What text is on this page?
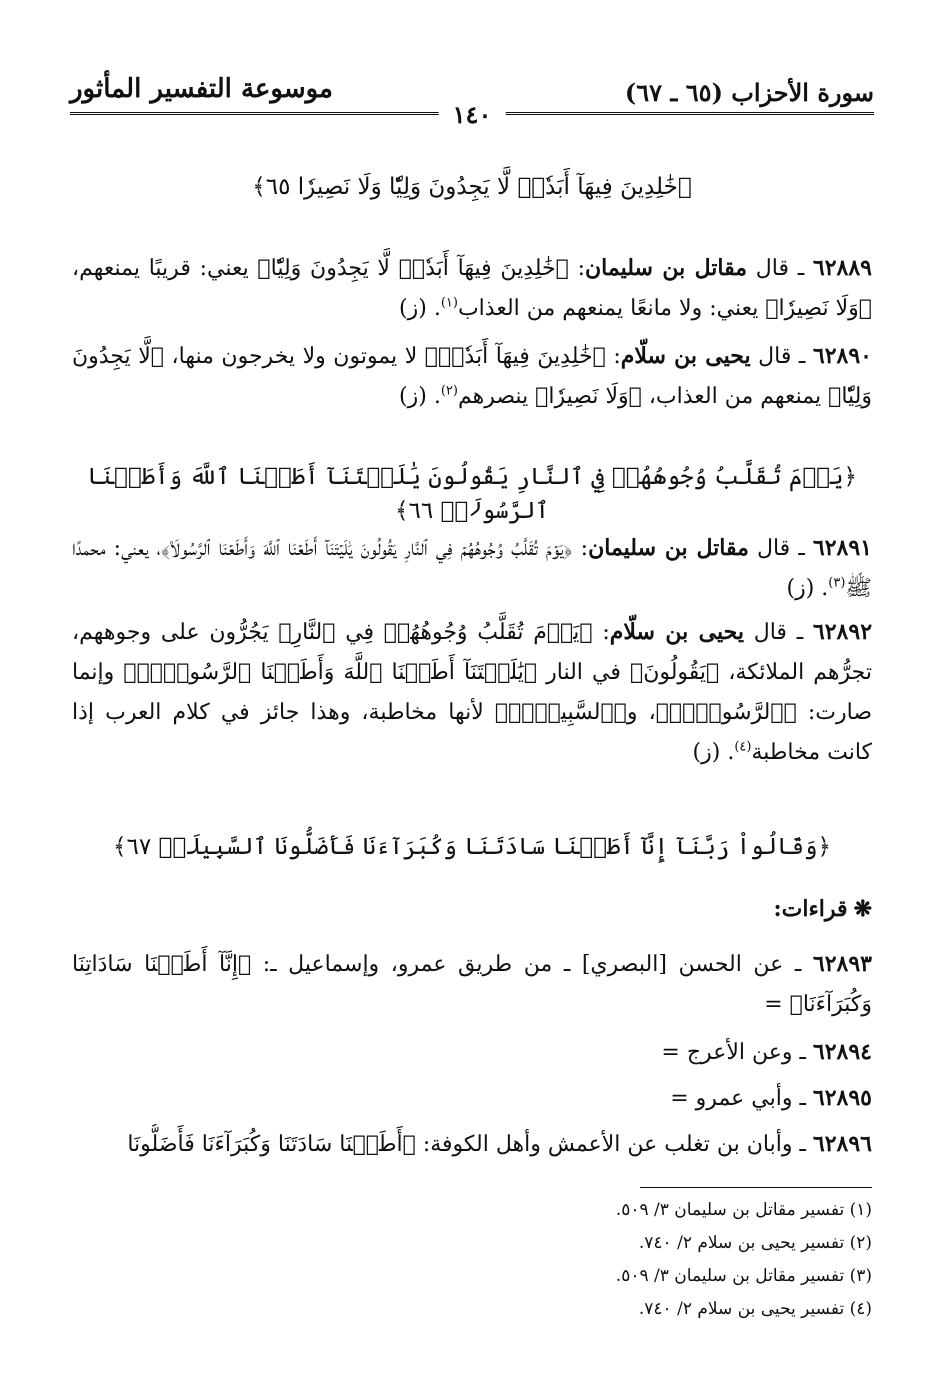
سورة الأحزاب (٦٥ ـ ٦٧)
١٤٠
موسوعة التفسير المأثور
﴿خَٰلِدِينَ فِيهَآ أَبَدٗاۖ لَّا يَجِدُونَ وَلِيّٗا وَلَا نَصِيرٗا ٦٥﴾
٦٢٨٨٩ ـ قال مقاتل بن سليمان: ﴿خَٰلِدِينَ فِيهَآ أَبَدٗاۖ لَّا يَجِدُونَ وَلِيّٗا﴾ يعني: قريبًا يمنعهم، ﴿وَلَا نَصِيرٗا﴾ يعني: ولا مانعًا يمنعهم من العذاب$^{(١)}$. (ز)
٦٢٨٩٠ ـ قال يحيى بن سلّام: ﴿خَٰلِدِينَ فِيهَآ أَبَدٗاۖ﴾ لا يموتون ولا يخرجون منها، ﴿لَّا يَجِدُونَ وَلِيّٗا﴾ يمنعهم من العذاب، ﴿وَلَا نَصِيرٗا﴾ ينصرهم$^{(٢)}$. (ز)
﴿يَوۡمَ تُقَلَّبُ وُجُوهُهُمۡ فِي ٱلنَّارِ يَقُولُونَ يَٰلَيۡتَنَآ أَطَعۡنَا ٱللَّهَ وَأَطَعۡنَا ٱلرَّسُولَا۠ ٦٦﴾
٦٢٨٩١ ـ قال مقاتل بن سليمان: ﴿يَوۡمَ تُقَلَّبُ وُجُوهُهُمۡ فِي ٱلنَّارِ يَقُولُونَ يَٰلَيۡتَنَآ أَطَعۡنَا ٱللَّهَ وَأَطَعۡنَا ٱلرَّسُولَا۠﴾، يعني: محمدًا ﷺ$^{(٣)}$. (ز)
٦٢٨٩٢ ـ قال يحيى بن سلّام: ﴿يَوۡمَ تُقَلَّبُ وُجُوهُهُمۡ فِي ٱلنَّارِ﴾ يَجُرُّون على وجوههم، تجرُّهم الملائكة، ﴿يَقُولُونَ﴾ في النار ﴿يَٰلَيۡتَنَآ أَطَعۡنَا ٱللَّهَ وَأَطَعۡنَا ٱلرَّسُولَا۠﴾ وإنما صارت: ﴿ٱلرَّسُولَا۠﴾، و﴿ٱلسَّبِيلَا۠﴾ لأنها مخاطبة، وهذا جائز في كلام العرب إذا كانت مخاطبة$^{(٤)}$. (ز)
﴿وَقَالُواْ رَبَّنَآ إِنَّآ أَطَعۡنَا سَادَتَنَا وَكُبَرَآءَنَا فَأَضَلُّونَا ٱلسَّبِيلَا۠ ٦٧﴾
❋قراءات:
٦٢٨٩٣ ـ عن الحسن [البصري] ـ من طريق عمرو، وإسماعيل ـ: ﴿إِنَّآ أَطَعۡنَا سَادَاتِنَا وَكُبَرَآءَنَا﴾ =
٦٢٨٩٤ ـ وعن الأعرج =
٦٢٨٩٥ ـ وأبي عمرو =
٦٢٨٩٦ ـ وأبان بن تغلب عن الأعمش وأهل الكوفة: ﴿أَطَعۡنَا سَادَتَنَا وَكُبَرَآءَنَا فَأَضَلُّونَا
(١) تفسير مقاتل بن سليمان ٣/ ٥٠٩.
(٢) تفسير يحيى بن سلام ٢/ ٧٤٠.
(٣) تفسير مقاتل بن سليمان ٣/ ٥٠٩.
(٤) تفسير يحيى بن سلام ٢/ ٧٤٠.
